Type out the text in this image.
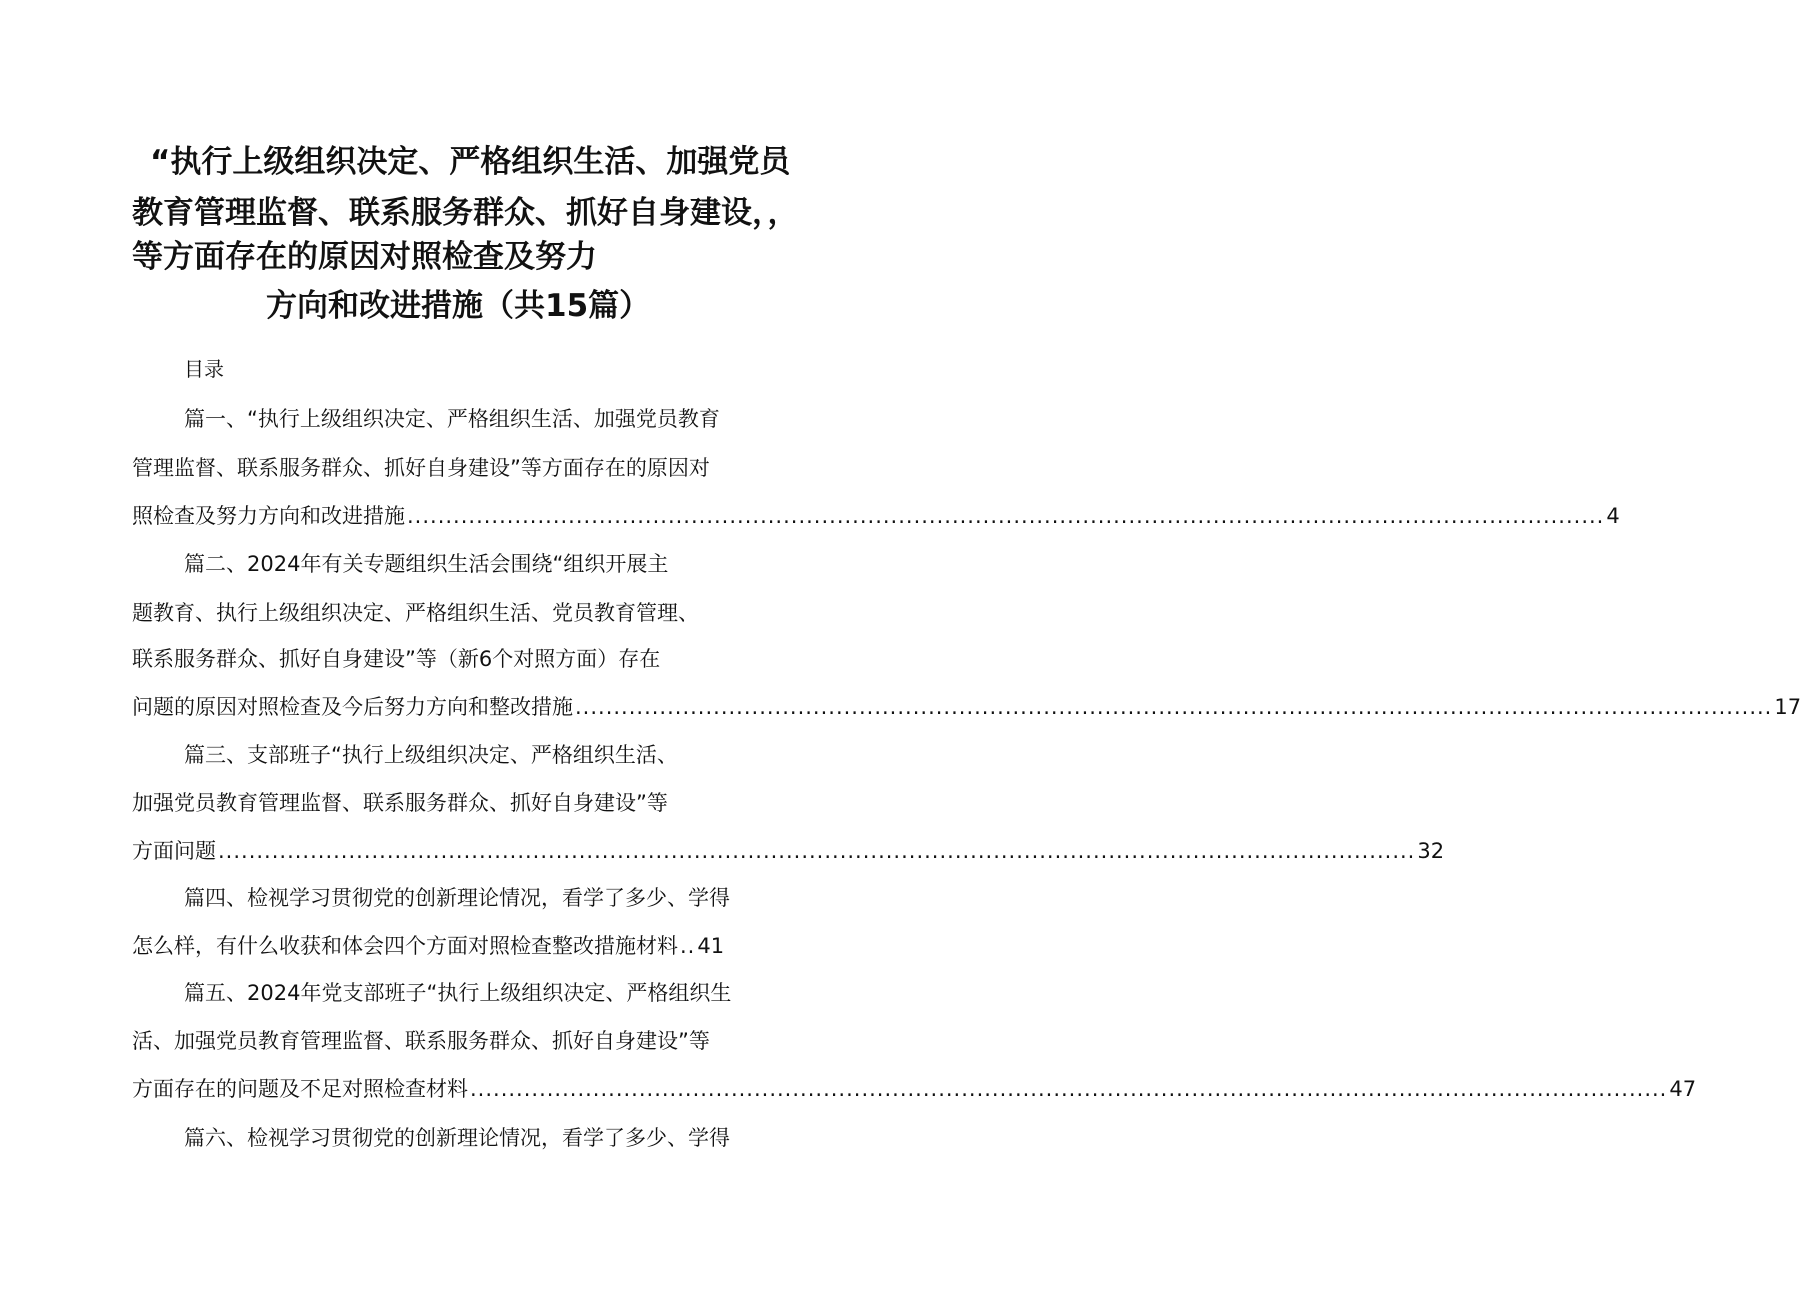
“执行上级组织决定、严格组织生活、加强党员
教育管理监督、联系服务群众、抓好自身建设，，
等方面存在的原因对照检查及努力
方向和改进措施（共15篇）
目录
篇一、“执行上级组织决定、严格组织生活、加强党员教育
管理监督、联系服务群众、抓好自身建设”等方面存在的原因对
照检查及努力方向和改进措施 ............................................................................................................................................................ 4
篇二、2024年有关专题组织生活会围绕“组织开展主
题教育、执行上级组织决定、严格组织生活、党员教育管理、
联系服务群众、抓好自身建设”等（新6个对照方面）存在
问题的原因对照检查及今后努力方向和整改措施 ............................................................................................................................................................ 17
篇三、支部班子“执行上级组织决定、严格组织生活、
加强党员教育管理监督、联系服务群众、抓好自身建设”等
方面问题 ............................................................................................................................................................ 32
篇四、检视学习贯彻党的创新理论情况，看学了多少、学得
怎么样，有什么收获和体会四个方面对照检查整改措施材料 .. 41
篇五、2024年党支部班子“执行上级组织决定、严格组织生
活、加强党员教育管理监督、联系服务群众、抓好自身建设”等
方面存在的问题及不足对照检查材料 ............................................................................................................................................................ 47
篇六、检视学习贯彻党的创新理论情况，看学了多少、学得
